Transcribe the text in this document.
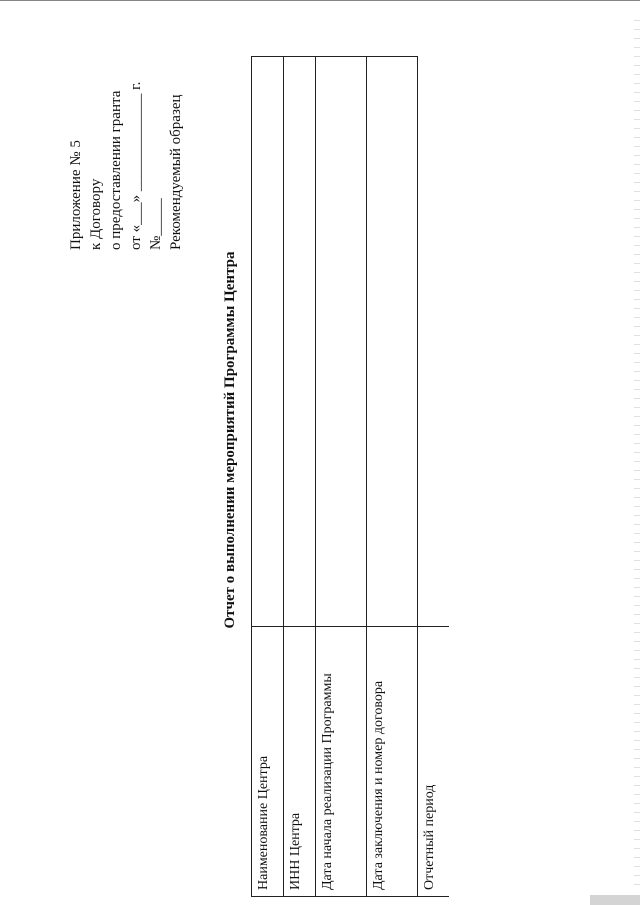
Приложение № 5 к Договору о предоставлении гранта от «___» _____________ г. №_____ Рекомендуемый образец
Отчет о выполнении мероприятий Программы Центра
Наименование Центра	
ИНН Центра	
Дата начала реализации Программы	
Дата заключения и номер договора	
Отчетный период	
